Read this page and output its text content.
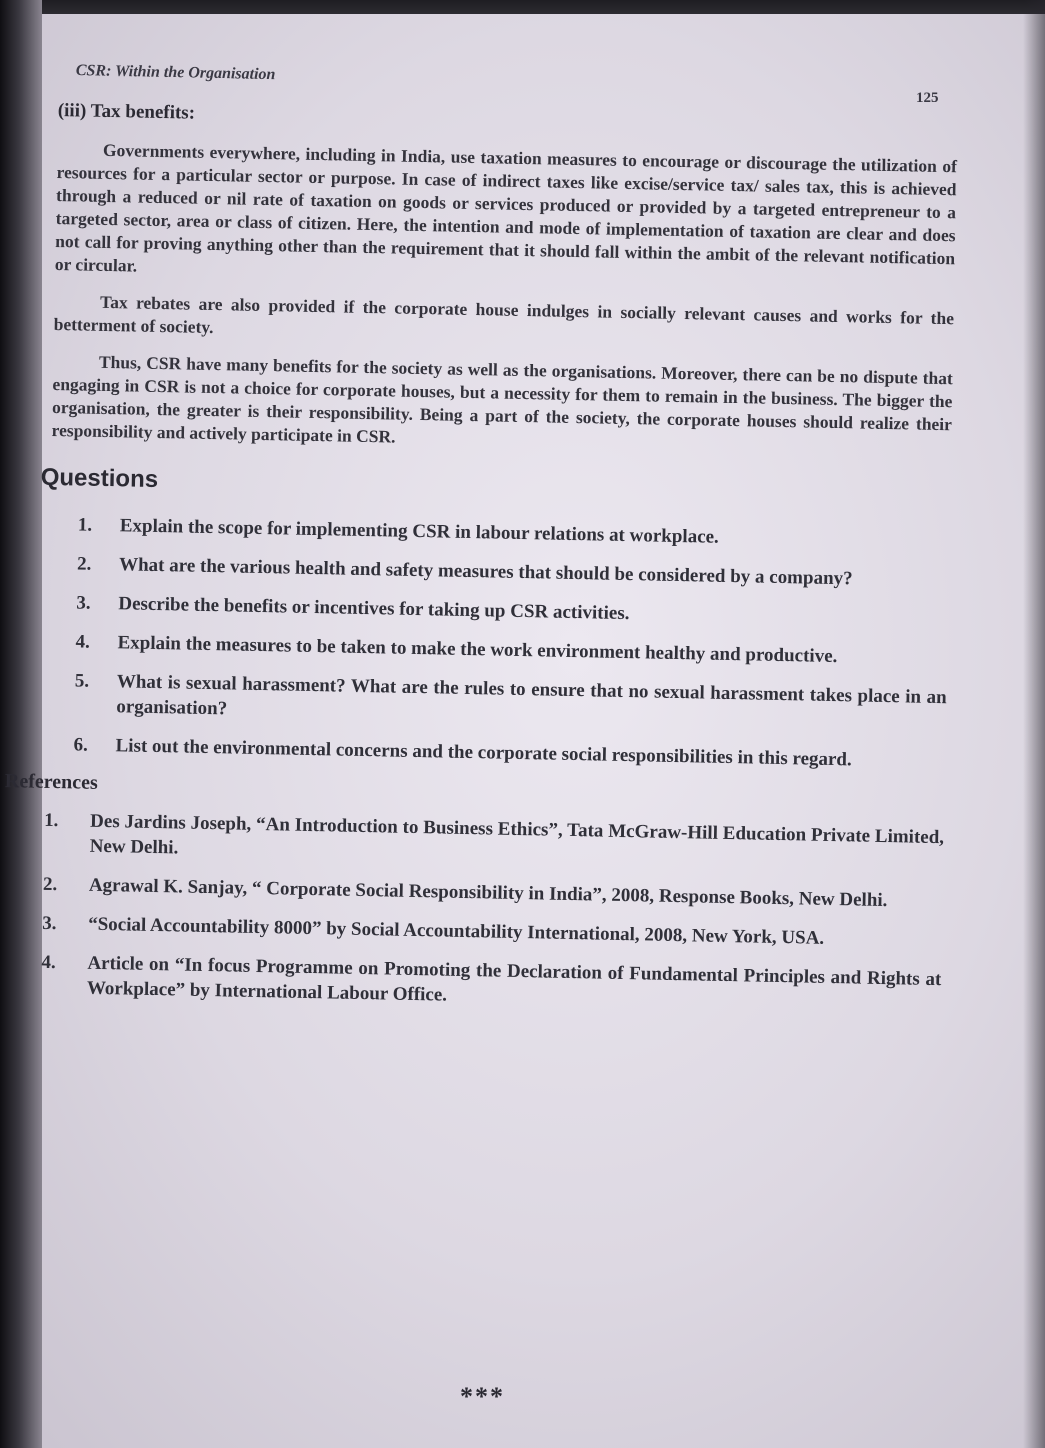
CSR: Within the Organisation
125
(iii) Tax benefits:

Governments everywhere, including in India, use taxation measures to encourage or discourage the utilization of resources for a particular sector or purpose. In case of indirect taxes like excise/service tax/ sales tax, this is achieved through a reduced or nil rate of taxation on goods or services produced or provided by a targeted entrepreneur to a targeted sector, area or class of citizen. Here, the intention and mode of implementation of taxation are clear and does not call for proving anything other than the requirement that it should fall within the ambit of the relevant notification or circular.

Tax rebates are also provided if the corporate house indulges in socially relevant causes and works for the betterment of society.

Thus, CSR have many benefits for the society as well as the organisations. Moreover, there can be no dispute that engaging in CSR is not a choice for corporate houses, but a necessity for them to remain in the business. The bigger the organisation, the greater is their responsibility. Being a part of the society, the corporate houses should realize their responsibility and actively participate in CSR.

Questions
1.	Explain the scope for implementing CSR in labour relations at workplace.
2.	What are the various health and safety measures that should be considered by a company?
3.	Describe the benefits or incentives for taking up CSR activities.
4.	Explain the measures to be taken to make the work environment healthy and productive.
5.	What is sexual harassment? What are the rules to ensure that no sexual harassment takes place in an organisation?
6.	List out the environmental concerns and the corporate social responsibilities in this regard.
References
1.	Des Jardins Joseph, “An Introduction to Business Ethics”, Tata McGraw-Hill Education Private Limited, New Delhi.
2.	Agrawal K. Sanjay, “ Corporate Social Responsibility in India”, 2008, Response Books, New Delhi.
3.	“Social Accountability 8000” by Social Accountability International, 2008, New York, USA.
4.	Article on “In focus Programme on Promoting the Declaration of Fundamental Principles and Rights at Workplace” by International Labour Office.
***
